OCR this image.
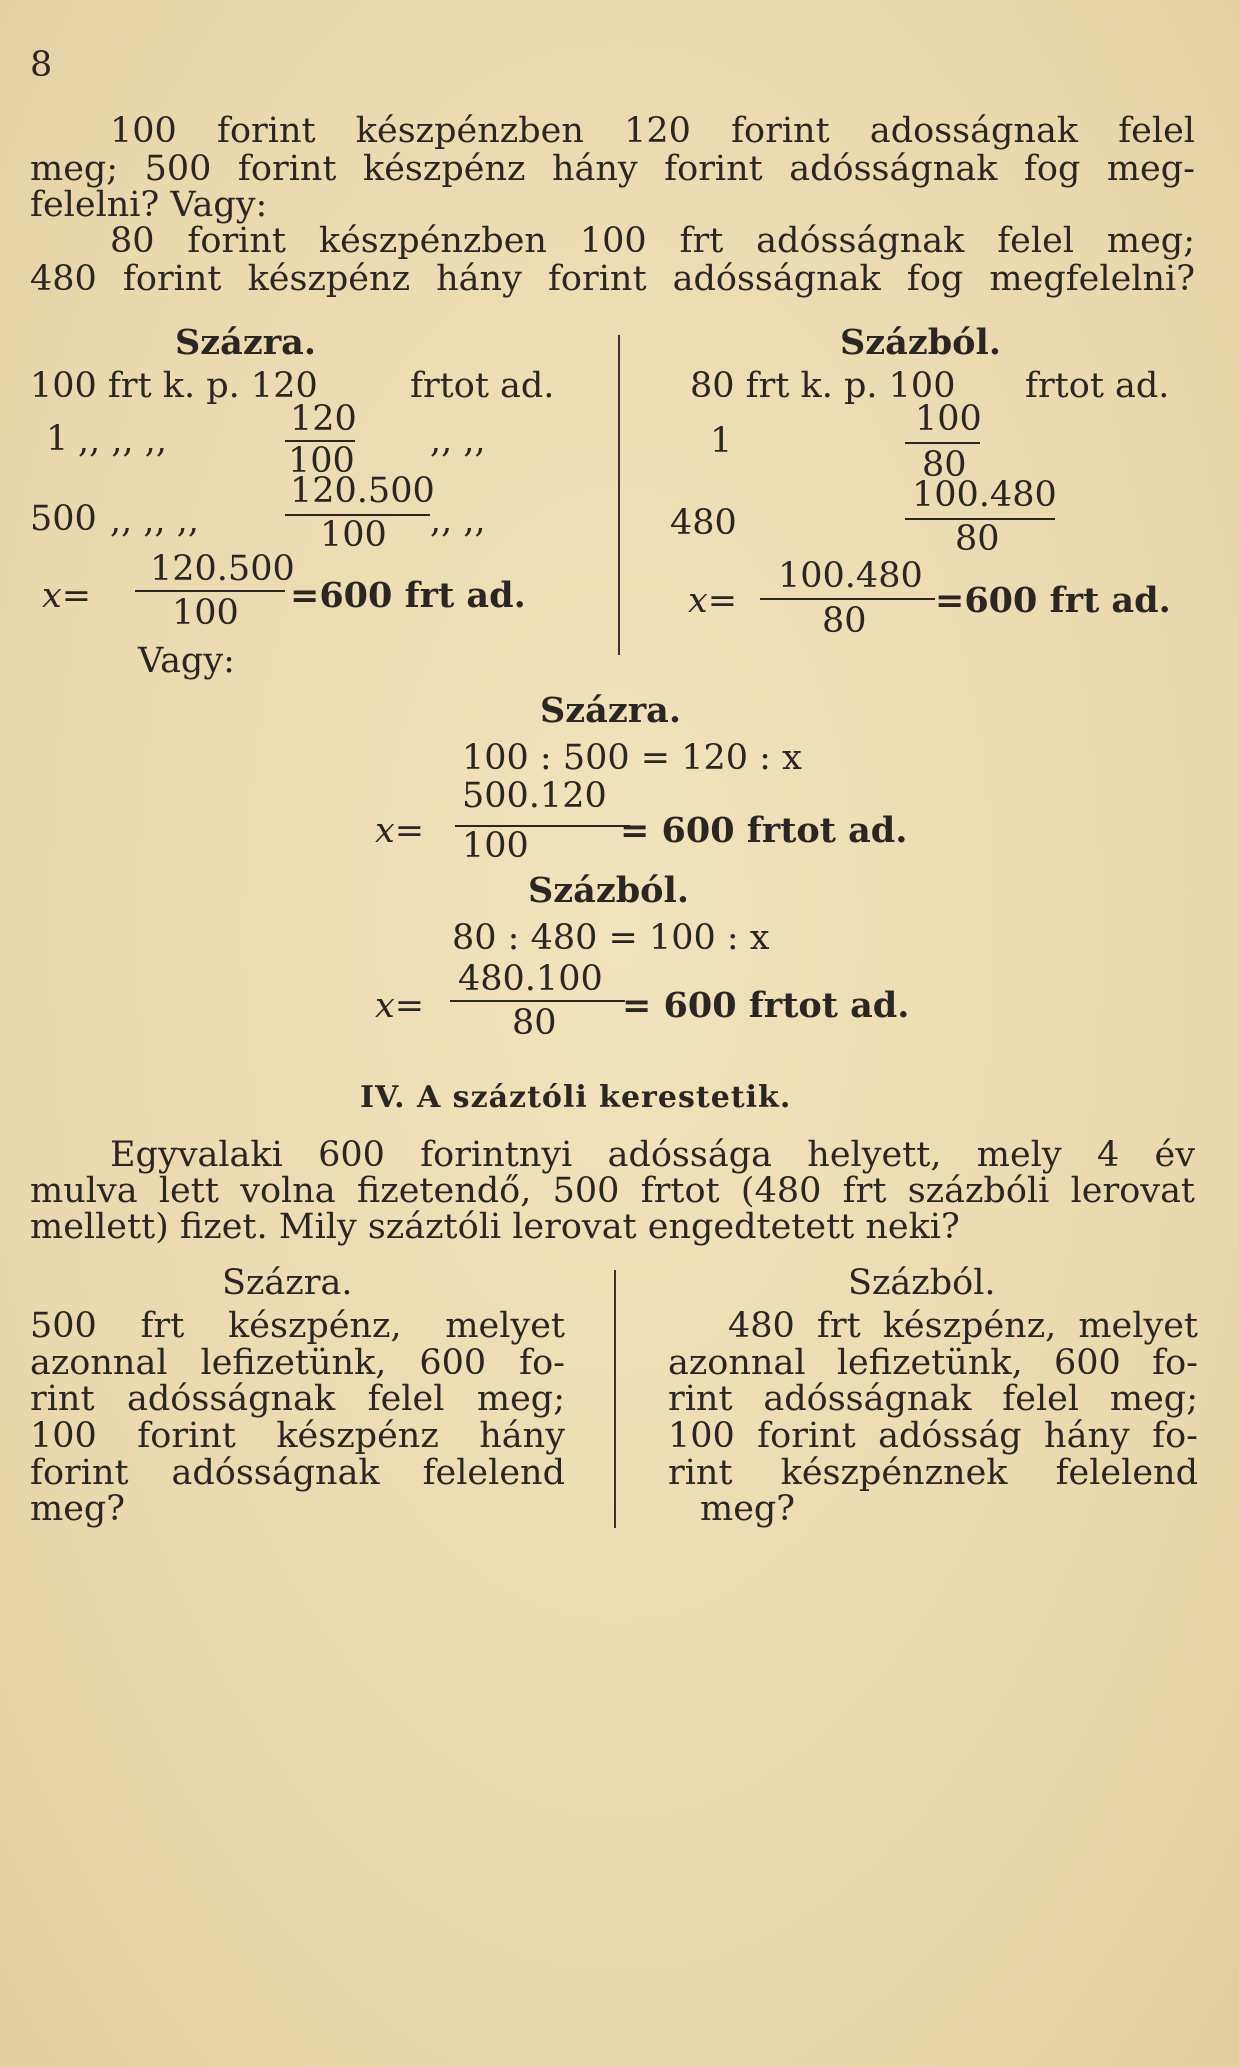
8
100 forint készpénzben 120 forint adosságnak felel
meg; 500 forint készpénz hány forint adósságnak fog meg-
felelni? Vagy:
80 forint készpénzben 100 frt adósságnak felel meg;
480 forint készpénz hány forint adósságnak fog megfelelni?
Százra.
100 frt k. p. 120	frtot ad.
1 ,, ,, ,,
120
100 ,, ,,
500 ,, ,, ,,
120.500
100 ,, ,,
x=
120.500
100 =600 frt ad.
Vagy:
Százból.
80 frt k. p. 100 frtot ad.
1
100
80
480
100.480
80
x=
100.480
80 =600 frt ad.
Százra.
100 : 500 = 120 : x
x=
500.120
100	= 600 frtot ad.
Százból.
80 : 480 = 100 : x
x=
480.100
80 = 600 frtot ad.
IV. A száztóli kerestetik.
Egyvalaki 600 forintnyi adóssága helyett, mely 4 év
mulva lett volna fizetendő, 500 frtot (480 frt százbóli lerovat
mellett) fizet. Mily száztóli lerovat engedtetett neki?
Százra.
500 frt készpénz, melyet
azonnal lefizetünk, 600 fo-
rint adósságnak felel meg;
100 forint készpénz hány
forint adósságnak felelend
meg?
Százból.
480 frt készpénz, melyet
azonnal lefizetünk, 600 fo-
rint adósságnak felel meg;
100 forint adósság hány fo-
rint készpénznek felelend
meg?
